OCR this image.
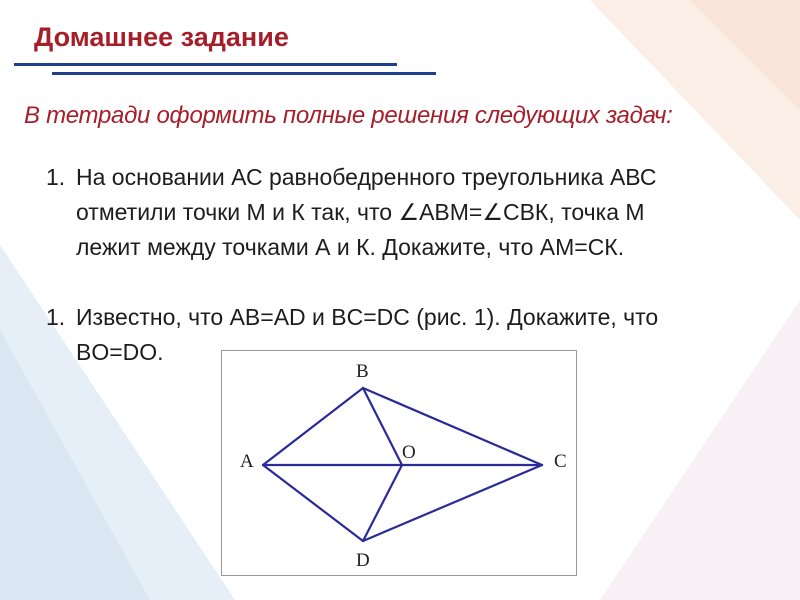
Домашнее задание
В тетради оформить полные решения следующих задач:
1. На основании АС равнобедренного треугольника АВС
отметили точки М и К так, что ∠АВМ=∠СВК, точка М
лежит между точками А и К. Докажите, что АМ=СК.
1. Известно, что AB=AD и BC=DC (рис. 1). Докажите, что
BO=DO.
B
A	O	C
D
